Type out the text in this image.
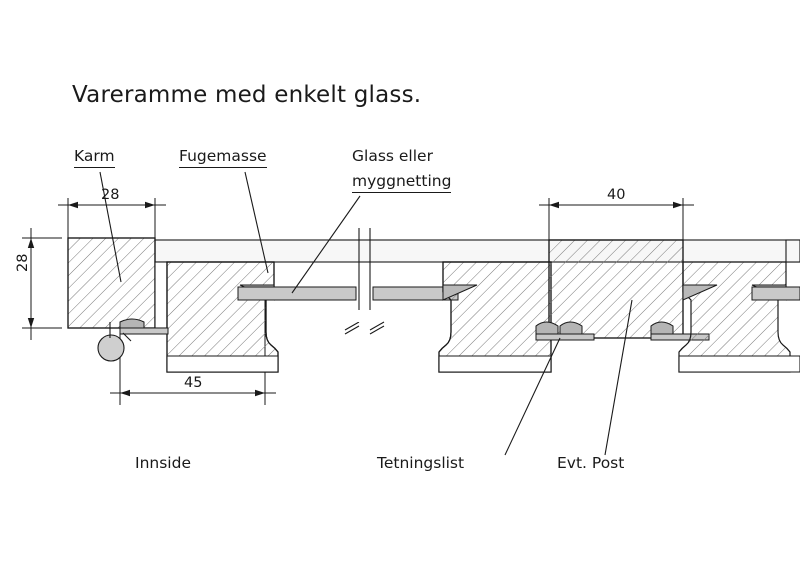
Vareramme med enkelt glass.
Karm	Fugemasse	Glass eller
myggnetting
Innside	Tetningslist	Evt. Post
28
28
45
40
